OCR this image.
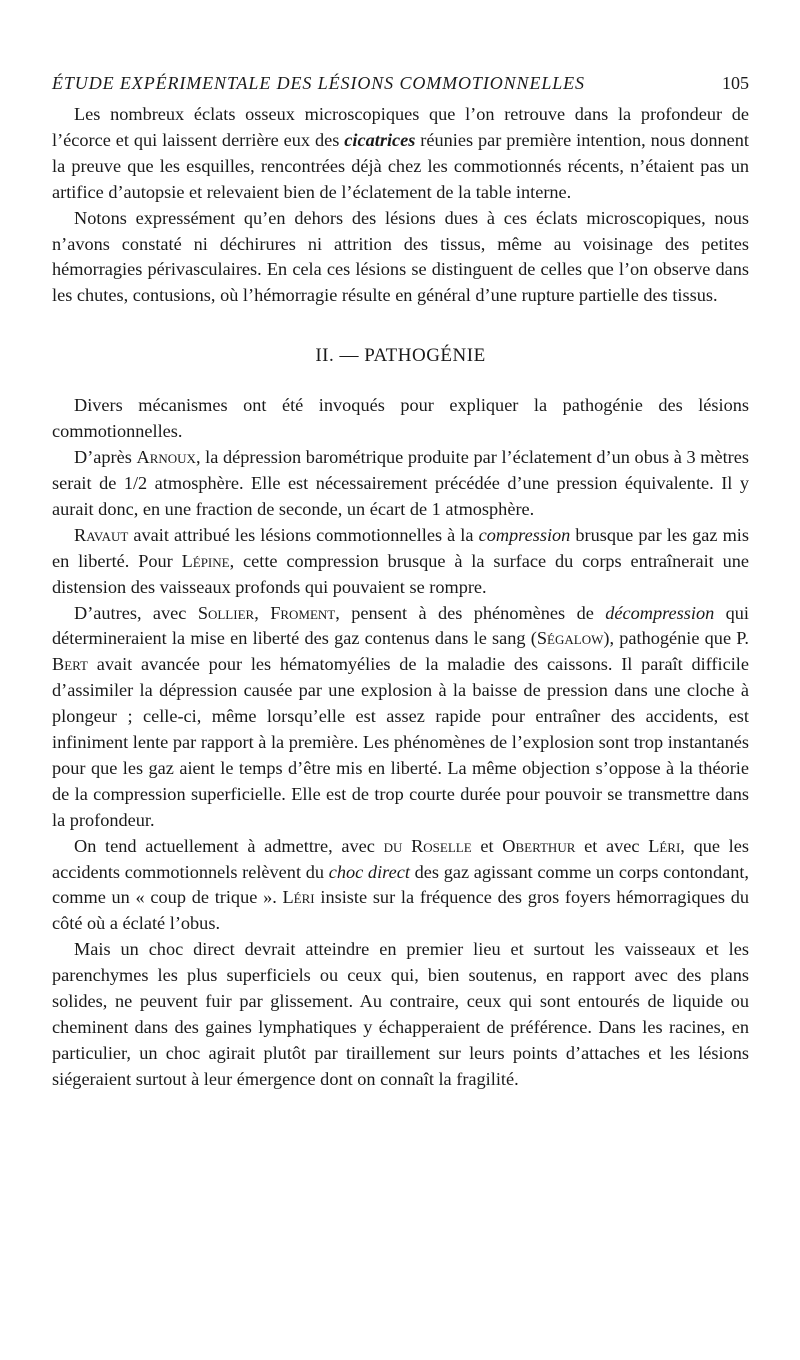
ÉTUDE EXPÉRIMENTALE DES LÉSIONS COMMOTIONNELLES	105

Les nombreux éclats osseux microscopiques que l’on retrouve dans la profondeur de l’écorce et qui laissent derrière eux des cicatrices réunies par première intention, nous donnent la preuve que les esquilles, rencontrées déjà chez les commotionnés récents, n’étaient pas un artifice d’autopsie et relevaient bien de l’éclatement de la table interne.

Notons expressément qu’en dehors des lésions dues à ces éclats microscopiques, nous n’avons constaté ni déchirures ni attrition des tissus, même au voisinage des petites hémorragies périvasculaires. En cela ces lésions se distinguent de celles que l’on observe dans les chutes, contusions, où l’hémorragie résulte en général d’une rupture partielle des tissus.

II. — PATHOGÉNIE

Divers mécanismes ont été invoqués pour expliquer la pathogénie des lésions commotionnelles.

D’après Arnoux, la dépression barométrique produite par l’éclatement d’un obus à 3 mètres serait de 1/2 atmosphère. Elle est nécessairement précédée d’une pression équivalente. Il y aurait donc, en une fraction de seconde, un écart de 1 atmosphère.

Ravaut avait attribué les lésions commotionnelles à la compression brusque par les gaz mis en liberté. Pour Lépine, cette compression brusque à la surface du corps entraînerait une distension des vaisseaux profonds qui pouvaient se rompre.

D’autres, avec Sollier, Froment, pensent à des phénomènes de décompression qui détermineraient la mise en liberté des gaz contenus dans le sang (Ségalow), pathogénie que P. Bert avait avancée pour les hématomyélies de la maladie des caissons. Il paraît difficile d’assimiler la dépression causée par une explosion à la baisse de pression dans une cloche à plongeur ; celle-ci, même lorsqu’elle est assez rapide pour entraîner des accidents, est infiniment lente par rapport à la première. Les phénomènes de l’explosion sont trop instantanés pour que les gaz aient le temps d’être mis en liberté. La même objection s’oppose à la théorie de la compression superficielle. Elle est de trop courte durée pour pouvoir se transmettre dans la profondeur.

On tend actuellement à admettre, avec du Roselle et Oberthur et avec Léri, que les accidents commotionnels relèvent du choc direct des gaz agissant comme un corps contondant, comme un « coup de trique ». Léri insiste sur la fréquence des gros foyers hémorragiques du côté où a éclaté l’obus.

Mais un choc direct devrait atteindre en premier lieu et surtout les vaisseaux et les parenchymes les plus superficiels ou ceux qui, bien soutenus, en rapport avec des plans solides, ne peuvent fuir par glissement. Au contraire, ceux qui sont entourés de liquide ou cheminent dans des gaines lymphatiques y échapperaient de préférence. Dans les racines, en particulier, un choc agirait plutôt par tiraillement sur leurs points d’attaches et les lésions siégeraient surtout à leur émergence dont on connaît la fragilité.
